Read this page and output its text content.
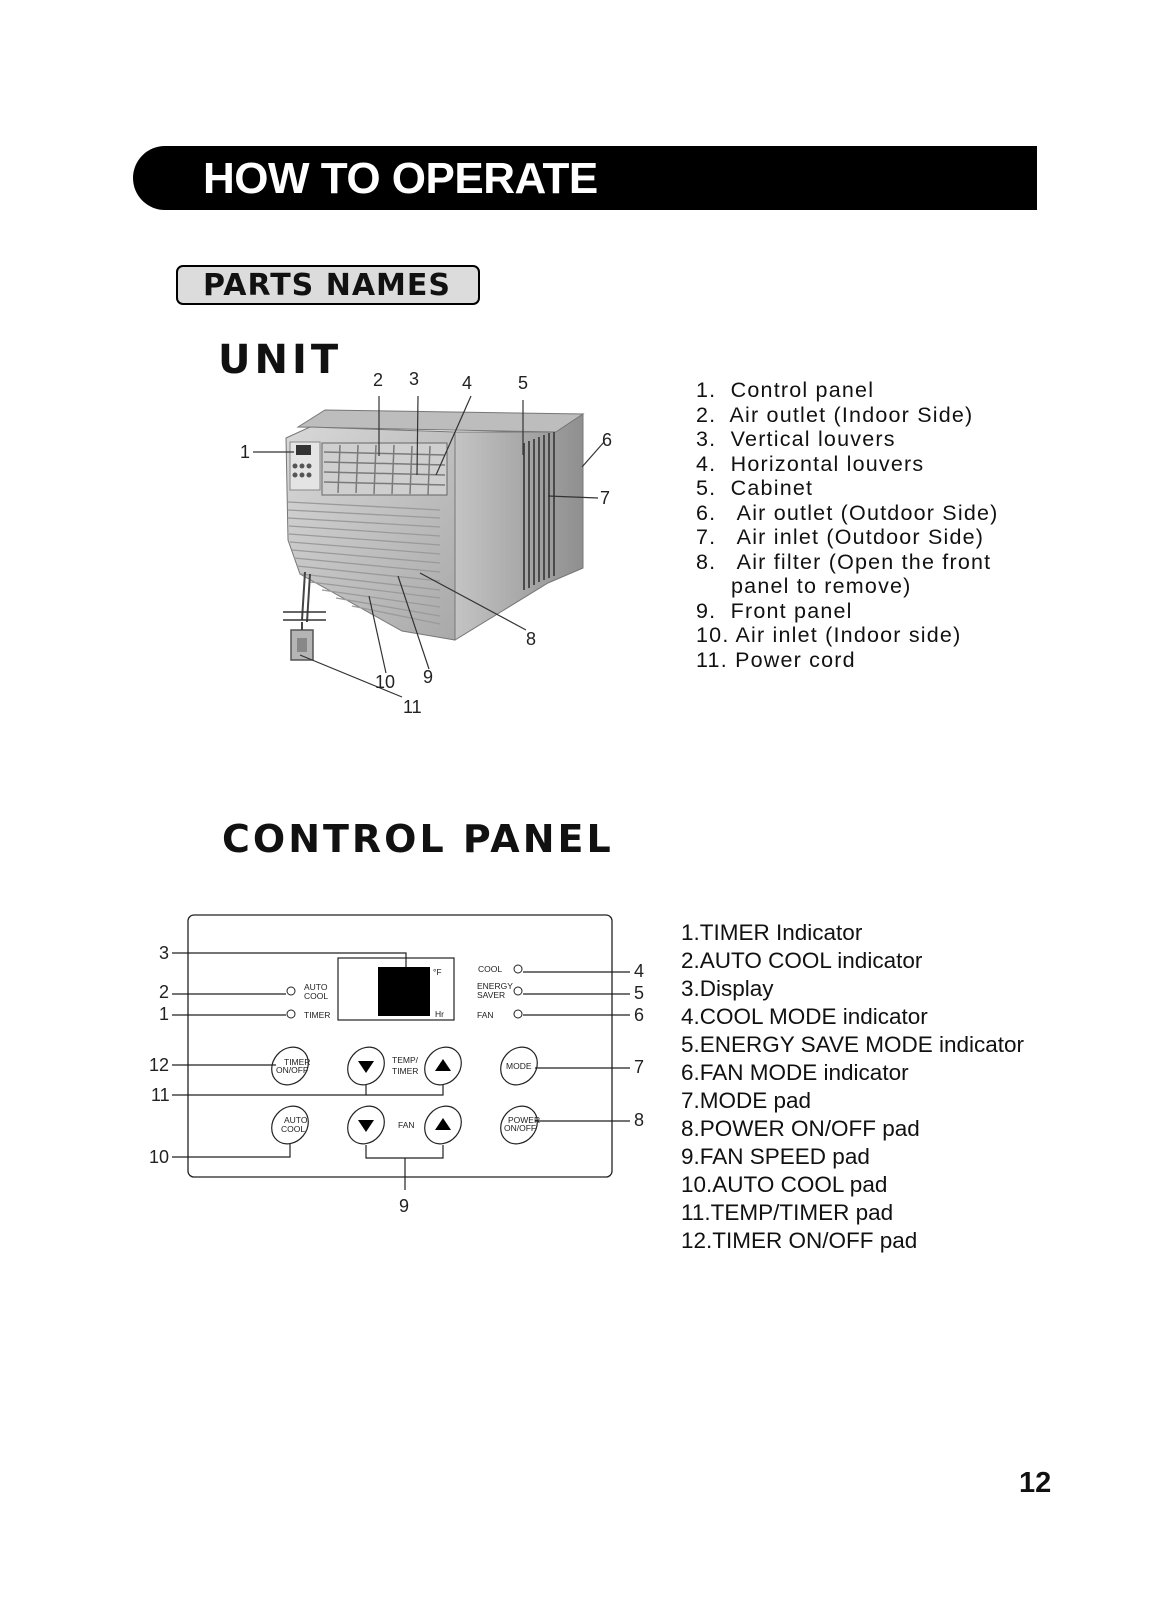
HOW TO OPERATE
PARTS NAMES
UNIT
CONTROL PANEL
1
2 3 4	5
6
7
8
9
10
11
°F
Hr
AUTO
COOL
TIMER
COOL
ENERGY
SAVER
FAN
TIMER
ON/OFF
TEMP/
TIMER	MODE
AUTO
COOL	FAN	POWER
ON/OFF
1
2
3
4
5
6
7
8
9
10
11
12
1.  Control panel
2.  Air outlet (Indoor Side)
3.  Vertical louvers
4.  Horizontal louvers
5.  Cabinet
6.   Air outlet (Outdoor Side)
7.   Air inlet (Outdoor Side)
8.   Air filter (Open the front
panel to remove)
9.  Front panel
10. Air inlet (Indoor side)
11. Power cord
1.TIMER Indicator
2.AUTO COOL indicator
3.Display
4.COOL MODE indicator
5.ENERGY SAVE MODE indicator
6.FAN MODE indicator
7.MODE pad
8.POWER ON/OFF pad
9.FAN SPEED pad
10.AUTO COOL pad
11.TEMP/TIMER pad
12.TIMER ON/OFF pad
12
